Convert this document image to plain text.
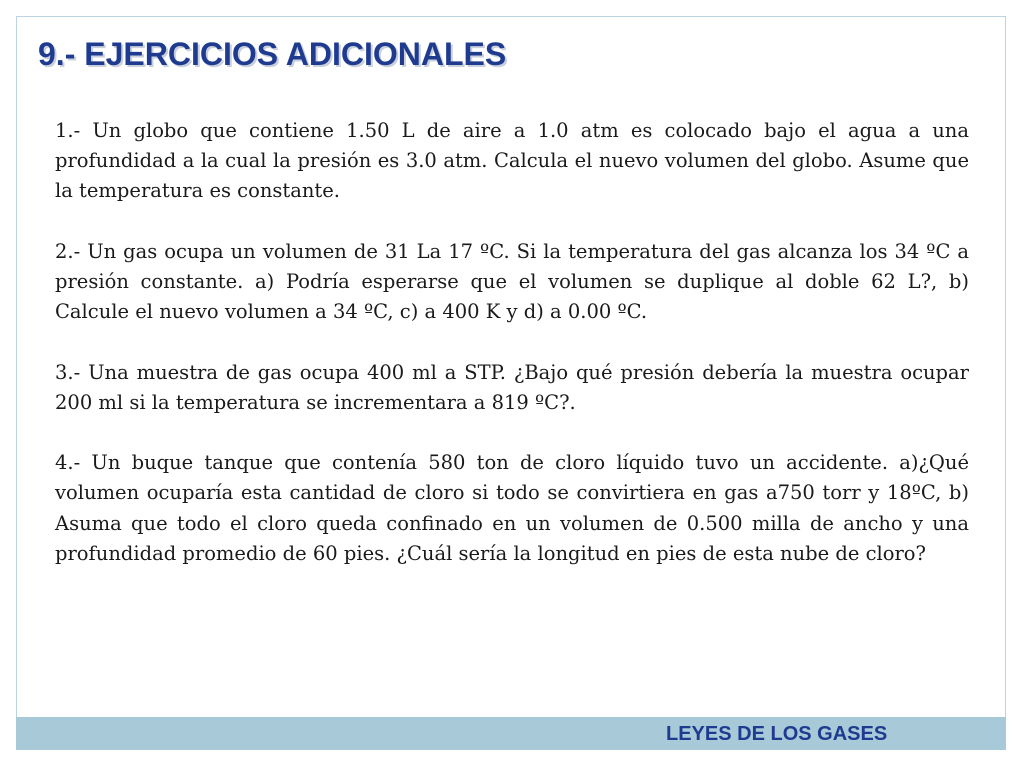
9.- EJERCICIOS ADICIONALES

1.- Un globo que contiene 1.50 L de aire a 1.0 atm es colocado bajo el agua a una profundidad a la cual la presión es 3.0 atm. Calcula el nuevo volumen del globo. Asume que la temperatura es constante.

2.- Un gas ocupa un volumen de 31 La 17 ºC. Si la temperatura del gas alcanza los 34 ºC a presión constante. a) Podría esperarse que el volumen se duplique al doble 62 L?, b) Calcule el nuevo volumen a 34 ºC, c) a 400 K y d) a 0.00 ºC.

3.- Una muestra de gas ocupa 400 ml a STP. ¿Bajo qué presión debería la muestra ocupar 200 ml si la temperatura se incrementara a 819 ºC?.

4.- Un buque tanque que contenía 580 ton de cloro líquido tuvo un accidente. a)¿Qué volumen ocuparía esta cantidad de cloro si todo se convirtiera en gas a750 torr y 18ºC, b) Asuma que todo el cloro queda confinado en un volumen de 0.500 milla de ancho y una profundidad promedio de 60 pies. ¿Cuál sería la longitud en pies de esta nube de cloro?

LEYES DE LOS GASES
